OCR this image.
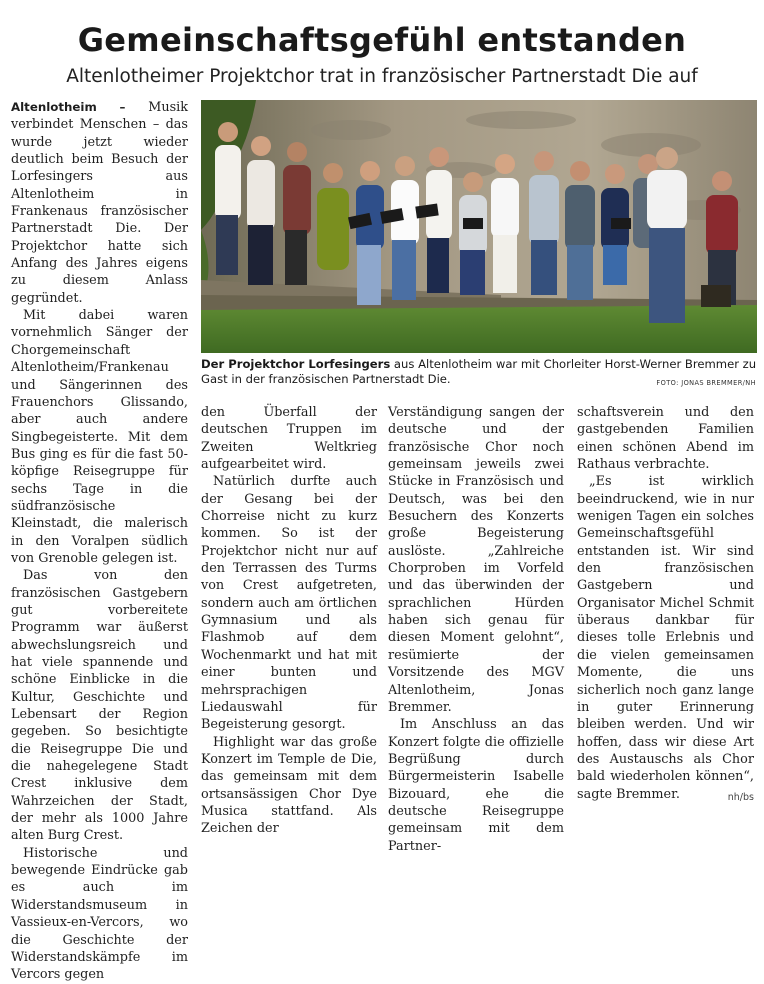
Gemeinschaftsgefühl entstanden
Altenlotheimer Projektchor trat in französischer Partnerstadt Die auf

Altenlotheim – Musik verbindet Menschen – das wurde jetzt wieder deutlich beim Besuch der Lorfesingers aus Altenlotheim in Frankenaus französischer Partnerstadt Die. Der Projektchor hatte sich Anfang des Jahres eigens zu diesem Anlass gegründet.

Mit dabei waren vornehmlich Sänger der Chorgemeinschaft Altenlotheim/Frankenau und Sängerinnen des Frauenchors Glissando, aber auch andere Singbegeisterte. Mit dem Bus ging es für die fast 50-köpfige Reisegruppe für sechs Tage in die südfranzösische Kleinstadt, die malerisch in den Voralpen südlich von Grenoble gelegen ist.

Das von den französischen Gastgebern gut vorbereitete Programm war äußerst abwechslungsreich und hat viele spannende und schöne Einblicke in die Kultur, Geschichte und Lebensart der Region gegeben. So besichtigte die Reisegruppe Die und die nahegelegene Stadt Crest inklusive dem Wahrzeichen der Stadt, der mehr als 1000 Jahre alten Burg Crest.

Historische und bewegende Eindrücke gab es auch im Widerstandsmuseum in Vassieux-en-Vercors, wo die Geschichte der Widerstandskämpfe im Vercors gegen

Der Projektchor Lorfesingers aus Altenlotheim war mit Chorleiter Horst-Werner Bremmer zu Gast in der französischen Partnerstadt Die.	FOTO: JONAS BREMMER/NH

den Überfall der deutschen Truppen im Zweiten Weltkrieg aufgearbeitet wird.

Natürlich durfte auch der Gesang bei der Chorreise nicht zu kurz kommen. So ist der Projektchor nicht nur auf den Terrassen des Turms von Crest aufgetreten, sondern auch am örtlichen Gymnasium und als Flashmob auf dem Wochenmarkt und hat mit einer bunten und mehrsprachigen Liedauswahl für Begeisterung gesorgt.

Highlight war das große Konzert im Temple de Die, das gemeinsam mit dem ortsansässigen Chor Dye Musica stattfand. Als Zeichen der

Verständigung sangen der deutsche und der französische Chor noch gemeinsam jeweils zwei Stücke in Französisch und Deutsch, was bei den Besuchern des Konzerts große Begeisterung auslöste. „Zahlreiche Chorproben im Vorfeld und das überwinden der sprachlichen Hürden haben sich genau für diesen Moment gelohnt“, resümierte der Vorsitzende des MGV Altenlotheim, Jonas Bremmer.

Im Anschluss an das Konzert folgte die offizielle Begrüßung durch Bürgermeisterin Isabelle Bizouard, ehe die deutsche Reisegruppe gemeinsam mit dem Partner-

schaftsverein und den gastgebenden Familien einen schönen Abend im Rathaus verbrachte.

„Es ist wirklich beeindruckend, wie in nur wenigen Tagen ein solches Gemeinschaftsgefühl entstanden ist. Wir sind den französischen Gastgebern und Organisator Michel Schmit überaus dankbar für dieses tolle Erlebnis und die vielen gemeinsamen Momente, die uns sicherlich noch ganz lange in guter Erinnerung bleiben werden. Und wir hoffen, dass wir diese Art des Austauschs als Chor bald wiederholen können“, sagte Bremmer.	nh/bs
